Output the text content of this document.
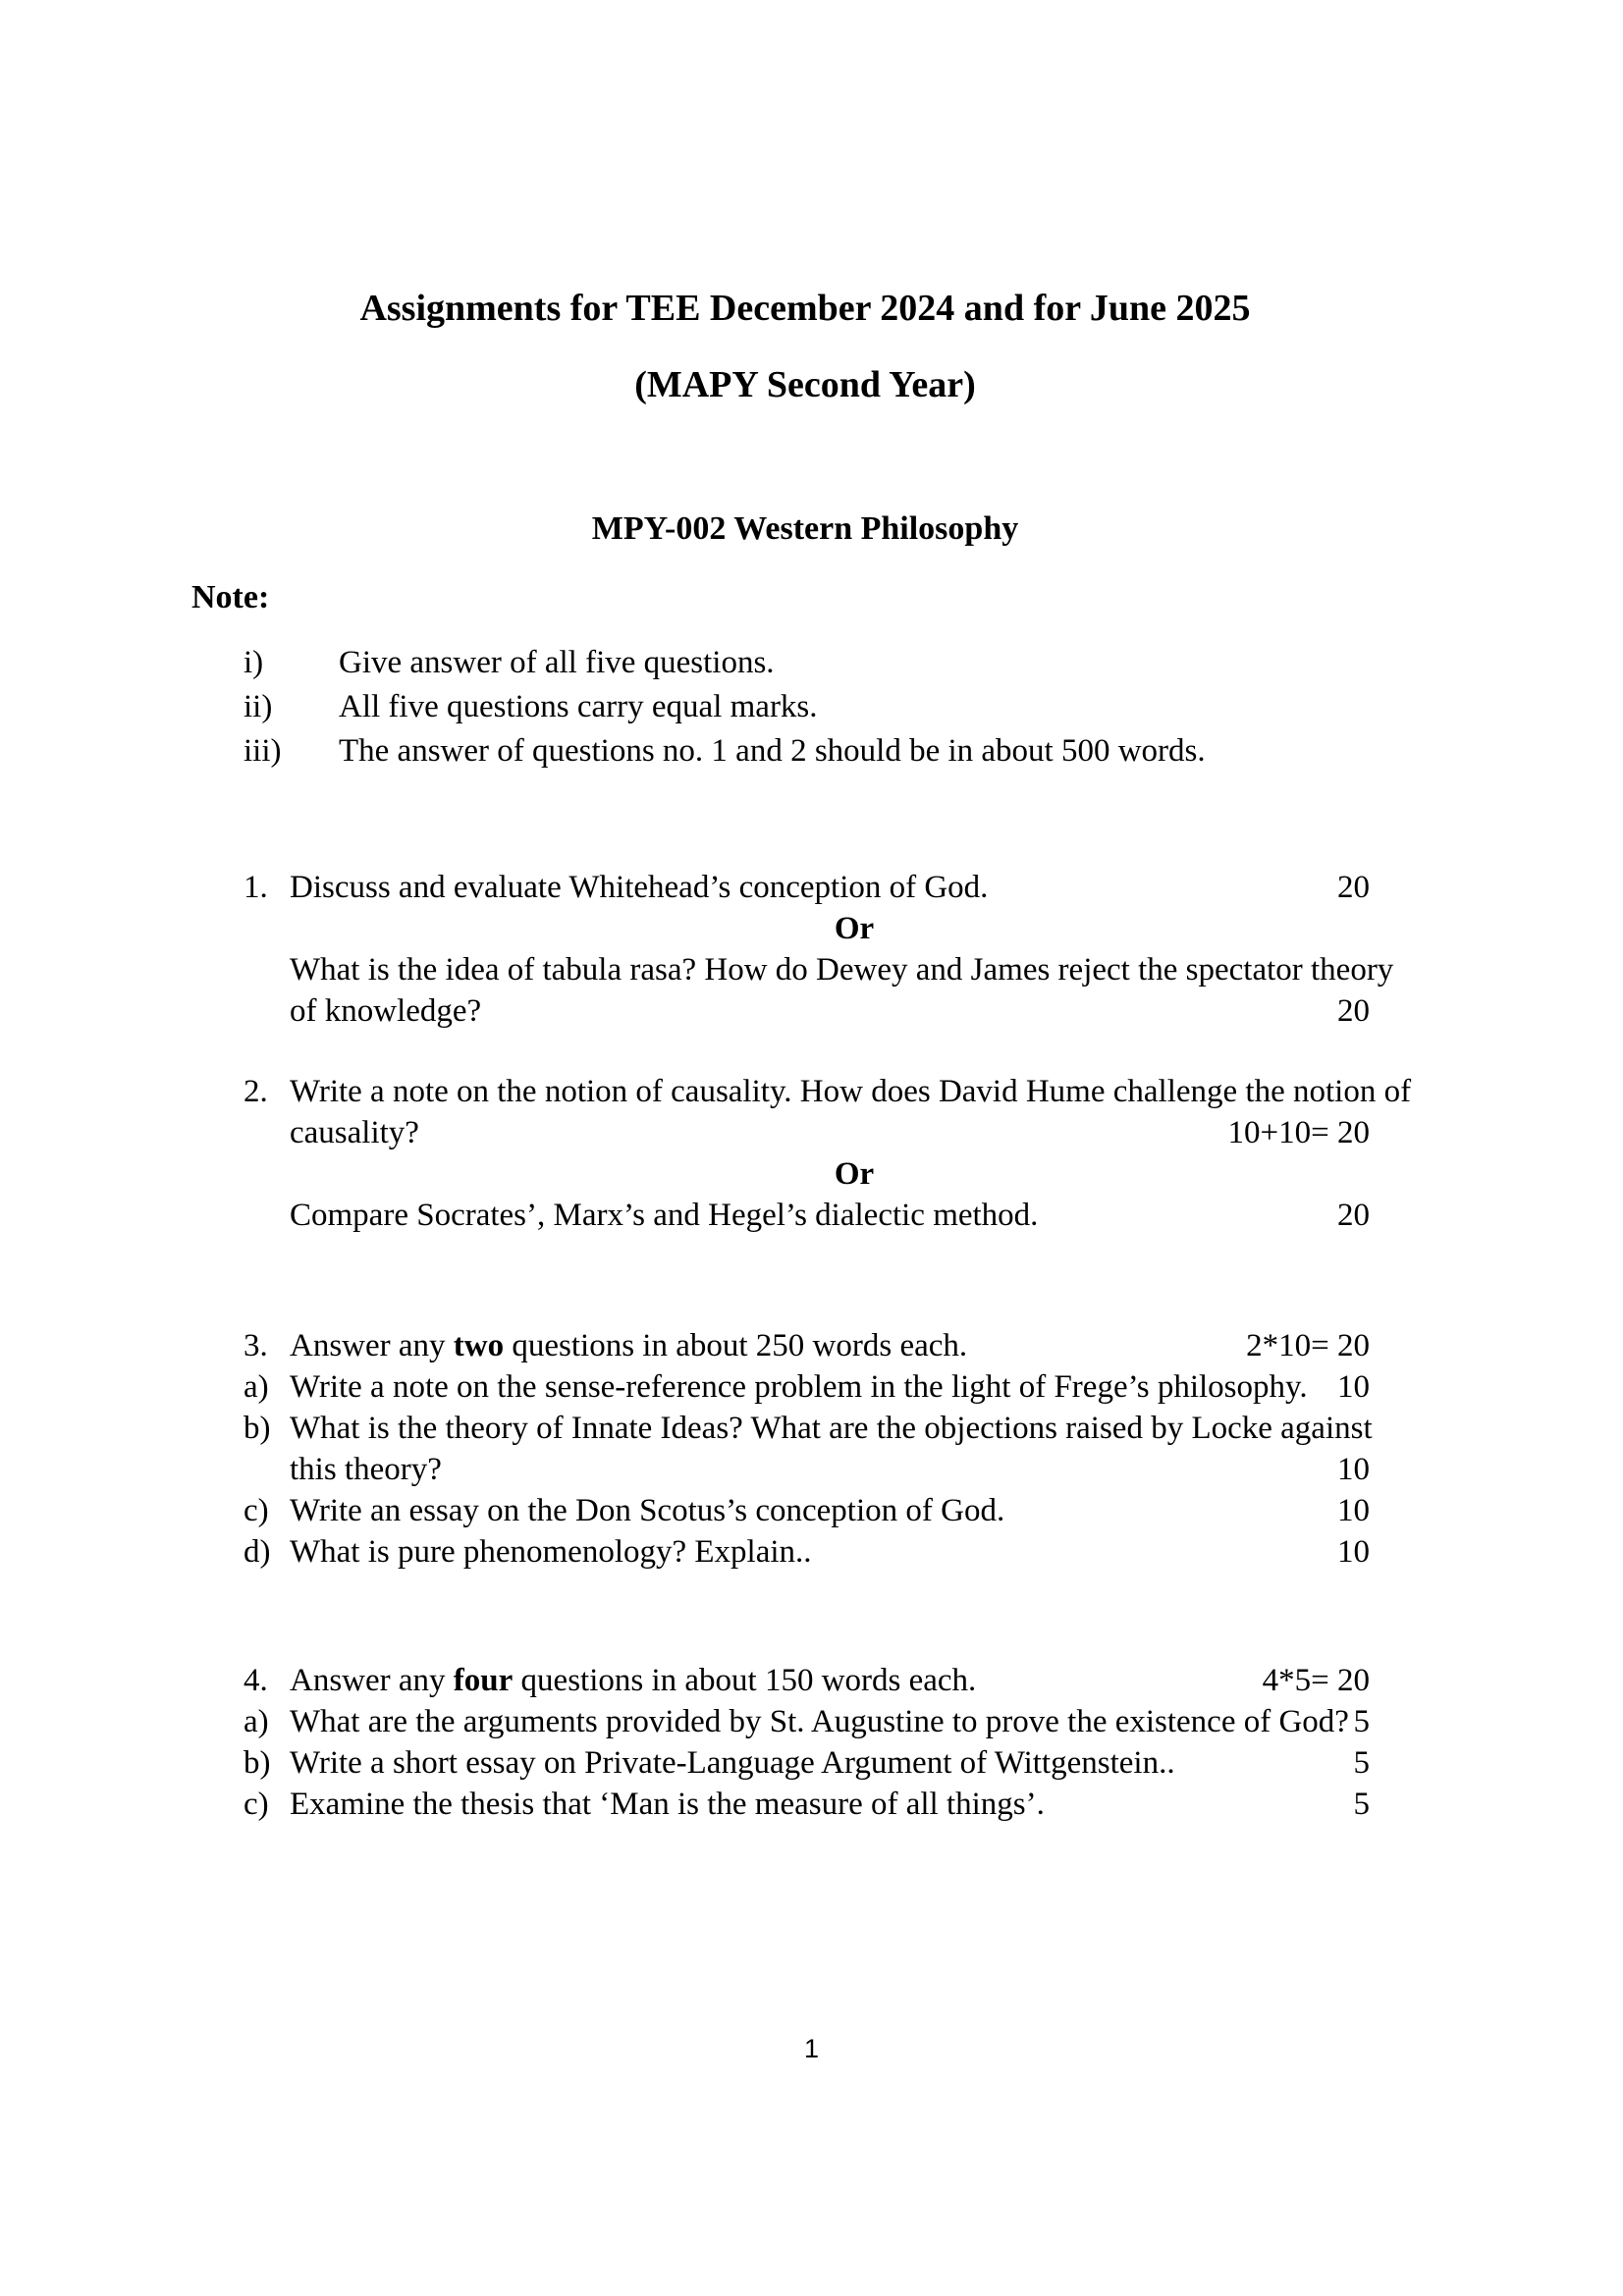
Assignments for TEE December 2024 and for June 2025
(MAPY Second Year)
MPY-002 Western Philosophy
Note:
i)	Give answer of all five questions.
ii)	All five questions carry equal marks.
iii)	The answer of questions no. 1 and 2 should be in about 500 words.
1. Discuss and evaluate Whitehead’s conception of God.	20
Or
What is the idea of tabula rasa? How do Dewey and James reject the spectator theory of knowledge?	20
2. Write a note on the notion of causality. How does David Hume challenge the notion of causality?	10+10= 20
Or
Compare Socrates’, Marx’s and Hegel’s dialectic method.	20
3. Answer any two questions in about 250 words each.	2*10= 20
a) Write a note on the sense-reference problem in the light of Frege’s philosophy. 10
b) What is the theory of Innate Ideas? What are the objections raised by Locke against this theory?	10
c) Write an essay on the Don Scotus’s conception of God.	10
d) What is pure phenomenology? Explain..	10
4. Answer any four questions in about 150 words each.	4*5= 20
a) What are the arguments provided by St. Augustine to prove the existence of God? 5
b) Write a short essay on Private-Language Argument of Wittgenstein..	5
c) Examine the thesis that ‘Man is the measure of all things’.	5
1
